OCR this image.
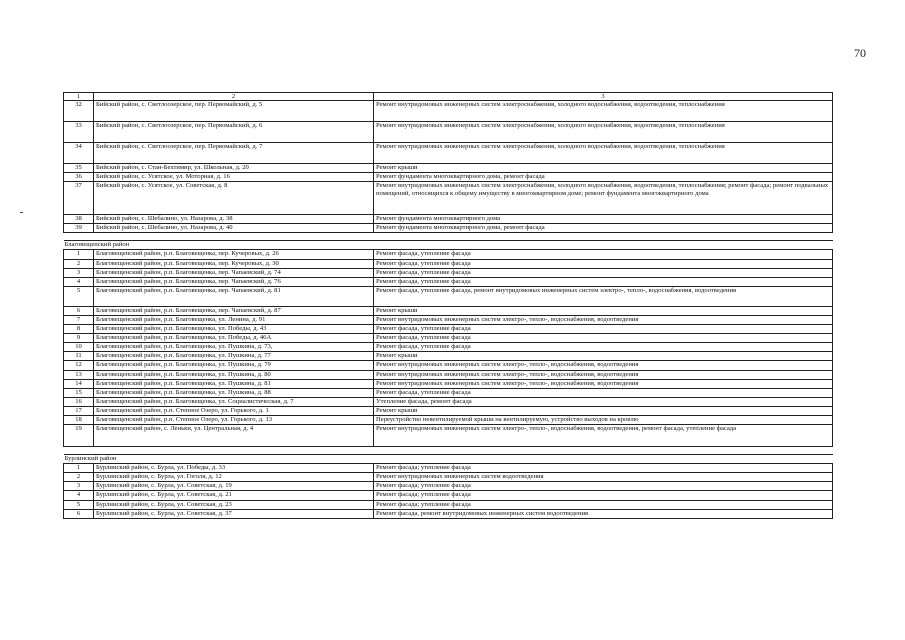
70
1	2	3
32	Бийский район, с. Светлоозерское, пер. Первомайский, д. 5	Ремонт внутридомовых инженерных систем электроснабжения, холодного водоснабжения, водоотведения, теплоснабжения
33	Бийский район, с. Светлоозерское, пер. Первомайский, д. 6	Ремонт внутридомовых инженерных систем электроснабжения, холодного водоснабжения, водоотведения, теплоснабжения
34	Бийский район, с. Светлоозерское, пер. Первомайский, д. 7	Ремонт внутридомовых инженерных систем электроснабжения, холодного водоснабжения, водоотведения, теплоснабжения
35	Бийский район, с. Стан-Бехтимир, ул. Школьная, д. 20	Ремонт крыши
36	Бийский район, с. Усятское, ул. Моторная, д. 16	Ремонт фундамента многоквартирного дома, ремонт фасада
37	Бийский район, с. Усятское, ул. Советская, д. 8	Ремонт внутридомовых инженерных систем электроснабжения, холодного водоснабжения, водоотведения, теплоснабжения; ремонт фасада; ремонт подвальных помещений, относящихся к общему имуществу в многоквартирном доме; ремонт фундамента многоквартирного дома
38	Бийский район, с. Шебалино, ул. Назарова, д. 38	Ремонт фундамента многоквартирного дома
39	Бийский район, с. Шебалино, ул. Назарова, д. 40	Ремонт фундамента многоквартирного дома, ремонт фасада

Благовещенский район		
1	Благовещенский район, р.п. Благовещенка, пер. Кучеровых, д. 26	Ремонт фасада, утепление фасада
2	Благовещенский район, р.п. Благовещенка, пер. Кучеровых, д. 30	Ремонт фасада, утепление фасада
3	Благовещенский район, р.п. Благовещенка, пер. Чапаевский, д. 74	Ремонт фасада, утепление фасада
4	Благовещенский район, р.п. Благовещенка, пер. Чапаевский, д. 76	Ремонт фасада, утепление фасада
5	Благовещенский район, р.п. Благовещенка, пер. Чапаевский, д. 81	Ремонт фасада, утепление фасада, ремонт внутридомовых инженерных систем электро-, тепло-, водоснабжения, водоотведения
6	Благовещенский район, р.п. Благовещенка, пер. Чапаевский, д. 87	Ремонт крыши
7	Благовещенский район, р.п. Благовещенка, ул. Ленина, д. 91	Ремонт внутридомовых инженерных систем электро-, тепло-, водоснабжения, водоотведения
8	Благовещенский район, р.п. Благовещенка, ул. Победы, д. 43	Ремонт фасада, утепление фасада
9	Благовещенский район, р.п. Благовещенка, ул. Победы, д. 46А	Ремонт фасада, утепление фасада
10	Благовещенский район, р.п. Благовещенка, ул. Пушкина, д. 73,	Ремонт фасада, утепление фасада
11	Благовещенский район, р.п. Благовещенка, ул. Пушкина, д. 77	Ремонт крыши
12	Благовещенский район, р.п. Благовещенка, ул. Пушкина, д. 79	Ремонт внутридомовых инженерных систем электро-, тепло-, водоснабжения, водоотведения
13	Благовещенский район, р.п. Благовещенка, ул. Пушкина, д. 80	Ремонт внутридомовых инженерных систем электро-, тепло-, водоснабжения, водоотведения
14	Благовещенский район, р.п. Благовещенка, ул. Пушкина, д. 81	Ремонт внутридомовых инженерных систем электро-, тепло-, водоснабжения, водоотведения
15	Благовещенский район, р.п. Благовещенка, ул. Пушкина, д. 88	Ремонт фасада, утепление фасада
16	Благовещенский район, р.п. Благовещенка, ул. Социалистическая, д. 7	Утепление фасада, ремонт фасада
17	Благовещенский район, р.п. Степное Озеро, ул. Горького, д. 1	Ремонт крыши
18	Благовещенский район, р.п. Степное Озеро, ул. Горького, д. 13	Переустройство невентилируемой крыши на вентилируемую, устройство выходов на кровлю
19	Благовещенский район, с. Леньки, ул. Центральная, д. 4	Ремонт внутридомовых инженерных систем электро-, тепло-, водоснабжения, водоотведения, ремонт фасада, утепление фасада

Бурлинский район		
1	Бурлинский район, с. Бурла, ул. Победы, д. 33	Ремонт фасада; утепление фасада
2	Бурлинский район, с. Бурла, ул. Гоголя, д. 12	Ремонт внутридомовых инженерных систем водоотведения
3	Бурлинский район, с. Бурла, ул. Советская, д. 19	Ремонт фасада; утепление фасада
4	Бурлинский район, с. Бурла, ул. Советская, д. 21	Ремонт фасада; утепление фасада
5	Бурлинский район, с. Бурла, ул. Советская, д. 23	Ремонт фасада; утепление фасада
6	Бурлинский район, с. Бурла, ул. Советская, д. 37	Ремонт фасада, ремонт внутридомовых инженерных систем водоотведения
